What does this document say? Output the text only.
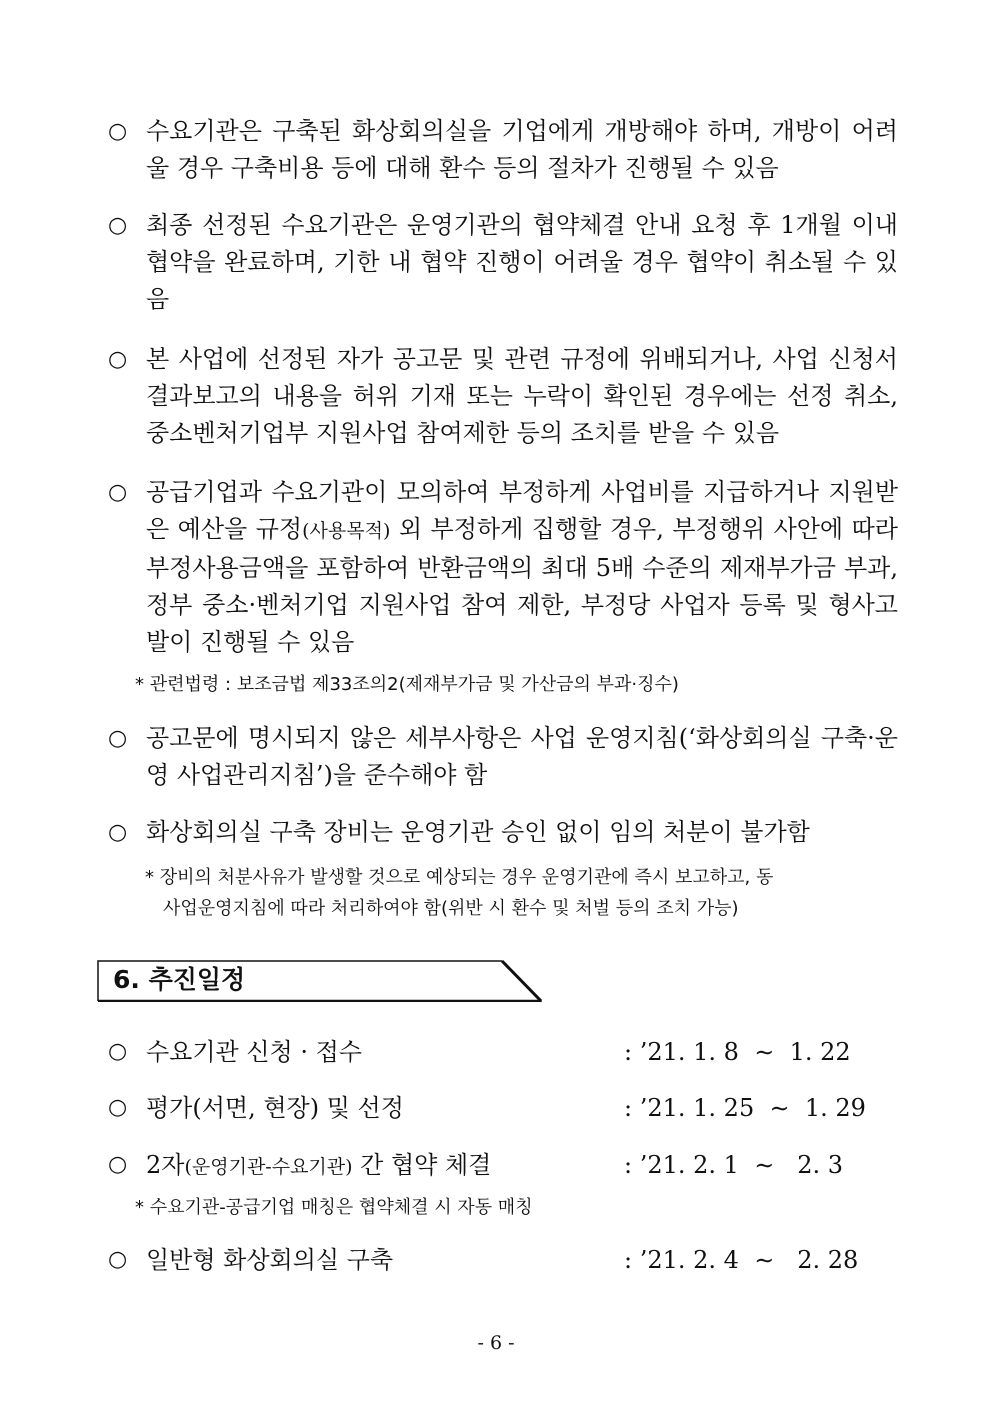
○ 수요기관은 구축된 화상회의실을 기업에게 개방해야 하며, 개방이 어려울 경우 구축비용 등에 대해 환수 등의 절차가 진행될 수 있음
○ 최종 선정된 수요기관은 운영기관의 협약체결 안내 요청 후 1개월 이내 협약을 완료하며, 기한 내 협약 진행이 어려울 경우 협약이 취소될 수 있음
○ 본 사업에 선정된 자가 공고문 및 관련 규정에 위배되거나, 사업 신청서 결과보고의 내용을 허위 기재 또는 누락이 확인된 경우에는 선정 취소, 중소벤처기업부 지원사업 참여제한 등의 조치를 받을 수 있음
○ 공급기업과 수요기관이 모의하여 부정하게 사업비를 지급하거나 지원받은 예산을 규정(사용목적) 외 부정하게 집행할 경우, 부정행위 사안에 따라 부정사용금액을 포함하여 반환금액의 최대 5배 수준의 제재부가금 부과, 정부 중소·벤처기업 지원사업 참여 제한, 부정당 사업자 등록 및 형사고발이 진행될 수 있음
* 관련법령 : 보조금법 제33조의2(제재부가금 및 가산금의 부과·징수)
○ 공고문에 명시되지 않은 세부사항은 사업 운영지침(‘화상회의실 구축·운영 사업관리지침’)을 준수해야 함
○ 화상회의실 구축 장비는 운영기관 승인 없이 임의 처분이 불가함
* 장비의 처분사유가 발생할 것으로 예상되는 경우 운영기관에 즉시 보고하고, 동
사업운영지침에 따라 처리하여야 함(위반 시 환수 및 처벌 등의 조치 가능)
6. 추진일정
○ 수요기관 신청 · 접수	: ’21. 1. 8  ∼  1. 22
○ 평가(서면, 현장) 및 선정	: ’21. 1. 25  ∼  1. 29
○ 2자(운영기관-수요기관) 간 협약 체결	: ’21. 2. 1  ∼   2. 3
* 수요기관-공급기업 매칭은 협약체결 시 자동 매칭
○ 일반형 화상회의실 구축	: ’21. 2. 4  ∼   2. 28
- 6 -
